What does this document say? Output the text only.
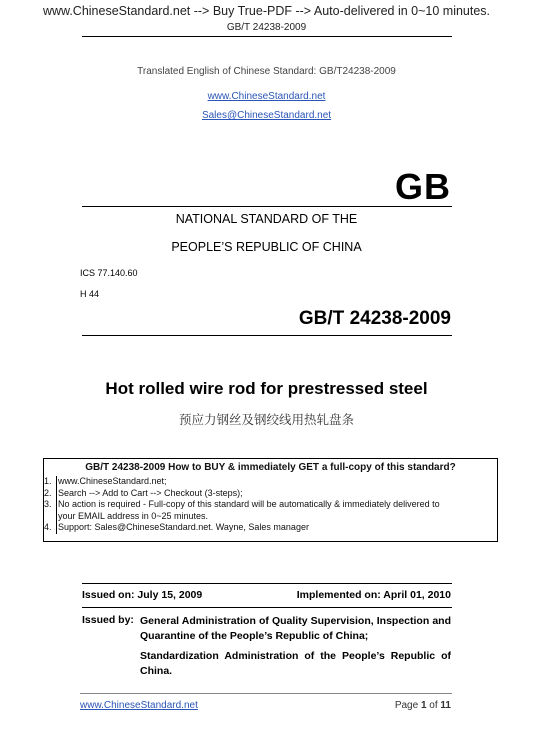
www.ChineseStandard.net --> Buy True-PDF --> Auto-delivered in 0~10 minutes.
GB/T 24238-2009
Translated English of Chinese Standard: GB/T24238-2009
www.ChineseStandard.net
Sales@ChineseStandard.net
GB
NATIONAL STANDARD OF THE
PEOPLE’S REPUBLIC OF CHINA
ICS 77.140.60
H 44
GB/T 24238-2009
Hot rolled wire rod for prestressed steel
预应力钢丝及钢绞线用热轧盘条
GB/T 24238-2009 How to BUY & immediately GET a full-copy of this standard?
1. www.ChineseStandard.net;
2. Search --> Add to Cart --> Checkout (3-steps);
3. No action is required - Full-copy of this standard will be automatically & immediately delivered to
your EMAIL address in 0~25 minutes.
4. Support: Sales@ChineseStandard.net. Wayne, Sales manager
Issued on: July 15, 2009	Implemented on: April 01, 2010
Issued by: General Administration of Quality Supervision, Inspection and Quarantine of the People’s Republic of China;
Standardization Administration of the People’s Republic of China.
www.ChineseStandard.net	Page 1 of 11
